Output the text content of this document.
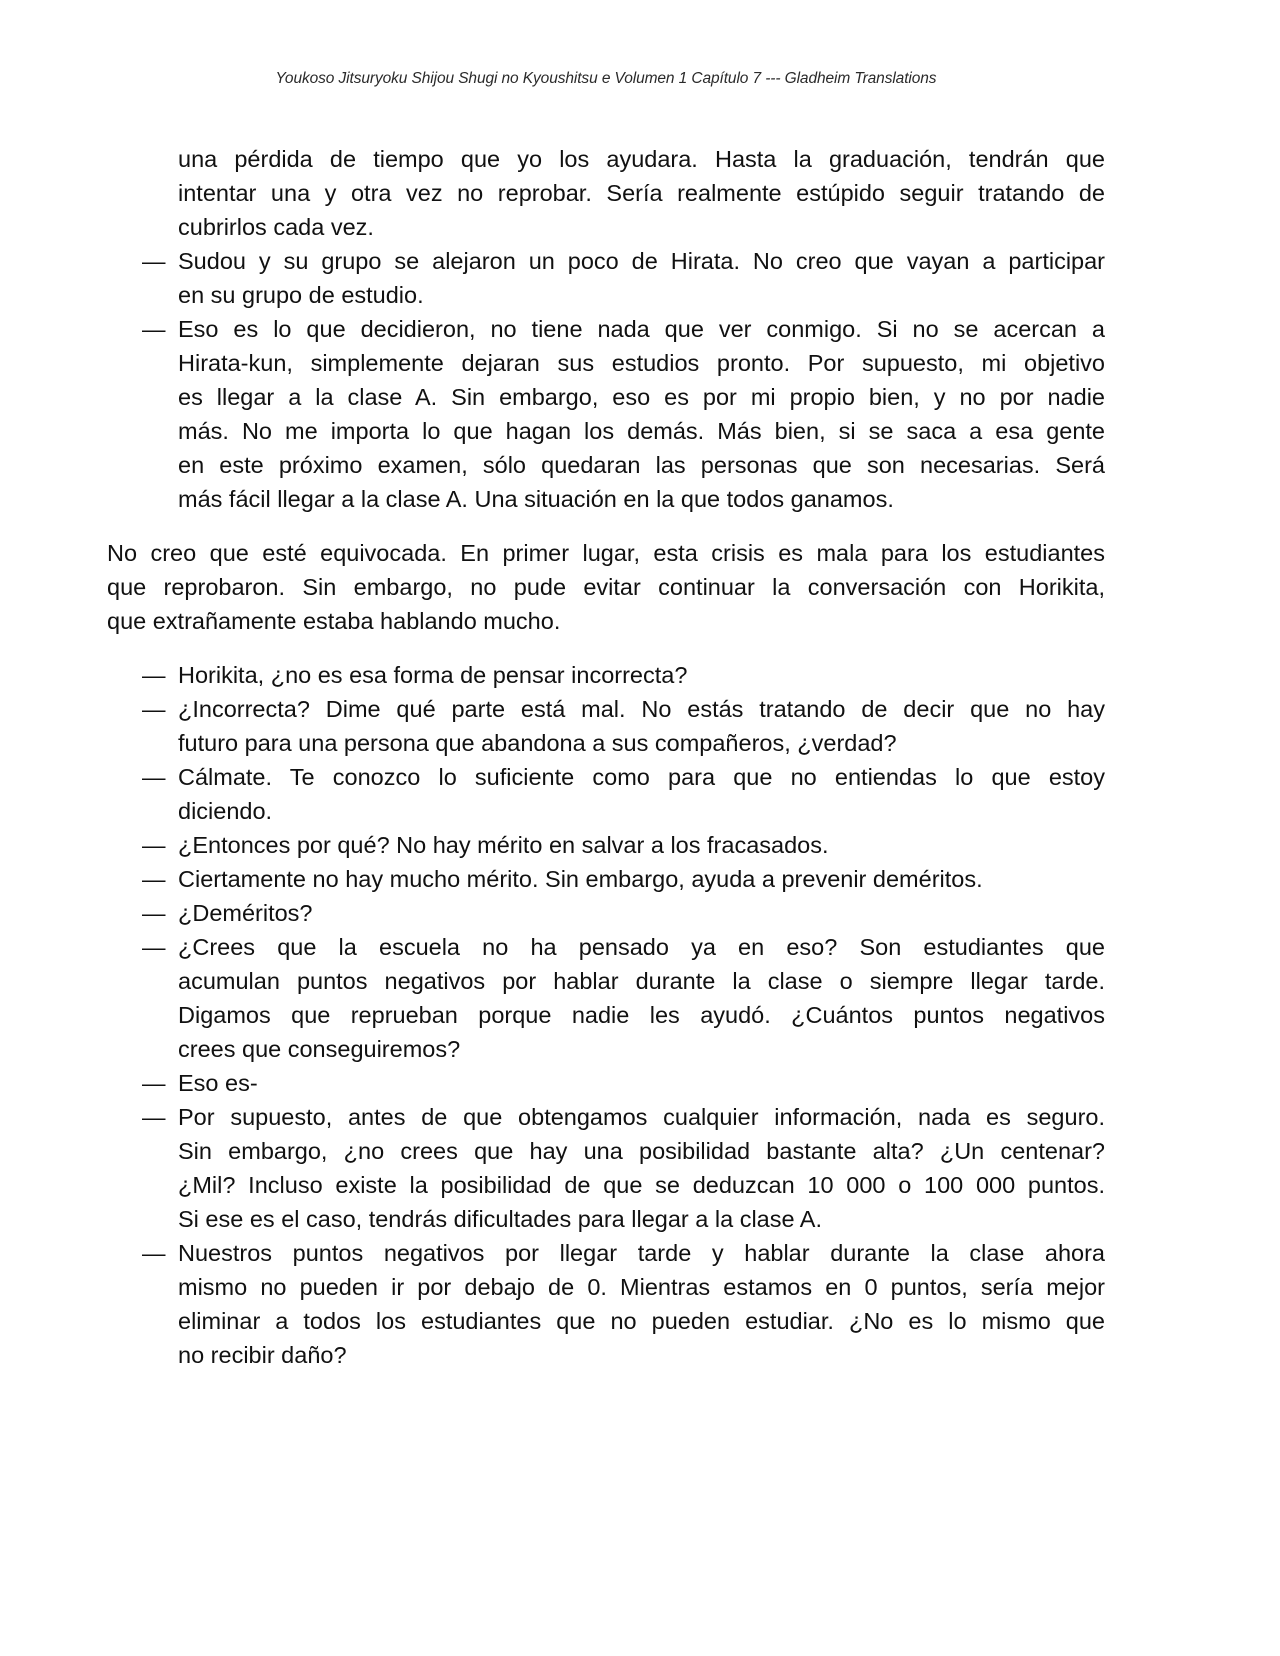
Youkoso Jitsuryoku Shijou Shugi no Kyoushitsu e Volumen 1 Capítulo 7 --- Gladheim Translations
una pérdida de tiempo que yo los ayudara. Hasta la graduación, tendrán que
intentar una y otra vez no reprobar. Sería realmente estúpido seguir tratando de
cubrirlos cada vez.
— Sudou y su grupo se alejaron un poco de Hirata. No creo que vayan a participar
en su grupo de estudio.
— Eso es lo que decidieron, no tiene nada que ver conmigo. Si no se acercan a
Hirata-kun, simplemente dejaran sus estudios pronto. Por supuesto, mi objetivo
es llegar a la clase A. Sin embargo, eso es por mi propio bien, y no por nadie
más. No me importa lo que hagan los demás. Más bien, si se saca a esa gente
en este próximo examen, sólo quedaran las personas que son necesarias. Será
más fácil llegar a la clase A. Una situación en la que todos ganamos.
No creo que esté equivocada. En primer lugar, esta crisis es mala para los estudiantes
que reprobaron. Sin embargo, no pude evitar continuar la conversación con Horikita,
que extrañamente estaba hablando mucho.
— Horikita, ¿no es esa forma de pensar incorrecta?
— ¿Incorrecta? Dime qué parte está mal. No estás tratando de decir que no hay
futuro para una persona que abandona a sus compañeros, ¿verdad?
— Cálmate. Te conozco lo suficiente como para que no entiendas lo que estoy
diciendo.
— ¿Entonces por qué? No hay mérito en salvar a los fracasados.
— Ciertamente no hay mucho mérito. Sin embargo, ayuda a prevenir deméritos.
— ¿Deméritos?
— ¿Crees que la escuela no ha pensado ya en eso? Son estudiantes que
acumulan puntos negativos por hablar durante la clase o siempre llegar tarde.
Digamos que reprueban porque nadie les ayudó. ¿Cuántos puntos negativos
crees que conseguiremos?
— Eso es-
— Por supuesto, antes de que obtengamos cualquier información, nada es seguro.
Sin embargo, ¿no crees que hay una posibilidad bastante alta? ¿Un centenar?
¿Mil? Incluso existe la posibilidad de que se deduzcan 10 000 o 100 000 puntos.
Si ese es el caso, tendrás dificultades para llegar a la clase A.
— Nuestros puntos negativos por llegar tarde y hablar durante la clase ahora
mismo no pueden ir por debajo de 0. Mientras estamos en 0 puntos, sería mejor
eliminar a todos los estudiantes que no pueden estudiar. ¿No es lo mismo que
no recibir daño?
